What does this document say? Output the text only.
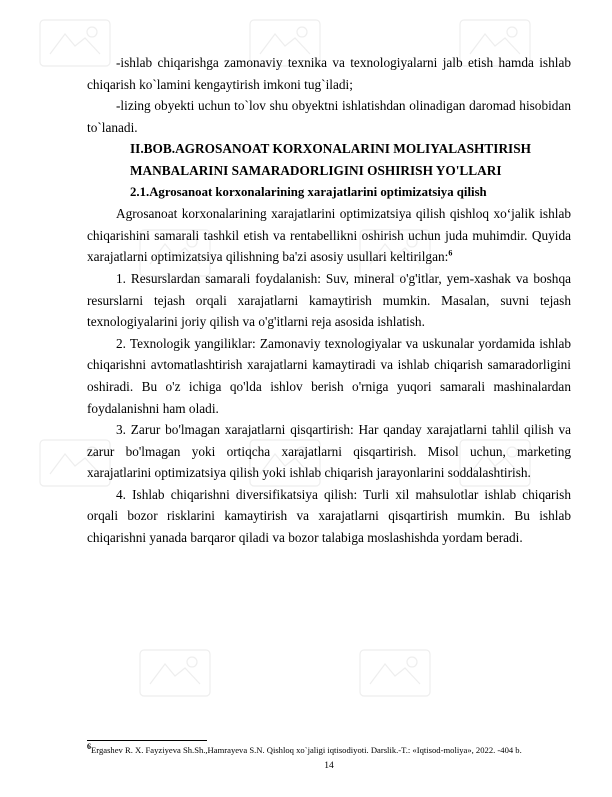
-ishlab chiqarishga zamonaviy texnika va texnologiyalarni jalb etish hamda ishlab chiqarish ko`lamini kengaytirish imkoni tug`iladi;

-lizing obyekti uchun to`lov shu obyektni ishlatishdan olinadigan daromad hisobidan to`lanadi.

II.BOB.AGROSANOAT KORXONALARINI MOLIYALASHTIRISH

MANBALARINI SAMARADORLIGINI OSHIRISH YO'LLARI

2.1.Agrosanoat korxonalarining xarajatlarini optimizatsiya qilish

Agrosanoat korxonalarining xarajatlarini optimizatsiya qilish qishloq xo‘jalik ishlab chiqarishini samarali tashkil etish va rentabellikni oshirish uchun juda muhimdir. Quyida xarajatlarni optimizatsiya qilishning ba'zi asosiy usullari keltirilgan:$^6$

1. Resurslardan samarali foydalanish: Suv, mineral o'g'itlar, yem-xashak va boshqa resurslarni tejash orqali xarajatlarni kamaytirish mumkin. Masalan, suvni tejash texnologiyalarini joriy qilish va o'g'itlarni reja asosida ishlatish.

2. Texnologik yangiliklar: Zamonaviy texnologiyalar va uskunalar yordamida ishlab chiqarishni avtomatlashtirish xarajatlarni kamaytiradi va ishlab chiqarish samaradorligini oshiradi. Bu o'z ichiga qo'lda ishlov berish o'rniga yuqori samarali mashinalardan foydalanishni ham oladi.

3. Zarur bo'lmagan xarajatlarni qisqartirish: Har qanday xarajatlarni tahlil qilish va zarur bo'lmagan yoki ortiqcha xarajatlarni qisqartirish. Misol uchun, marketing xarajatlarini optimizatsiya qilish yoki ishlab chiqarish jarayonlarini soddalashtirish.

4. Ishlab chiqarishni diversifikatsiya qilish: Turli xil mahsulotlar ishlab chiqarish orqali bozor risklarini kamaytirish va xarajatlarni qisqartirish mumkin. Bu ishlab chiqarishni yanada barqaror qiladi va bozor talabiga moslashishda yordam beradi.

$^6$Ergashev R. X. Fayziyeva Sh.Sh.,Hamrayeva S.N. Qishloq xo`jaligi iqtisodiyoti. Darslik.-T.: «Iqtisod-moliya», 2022. -404 b.
14
